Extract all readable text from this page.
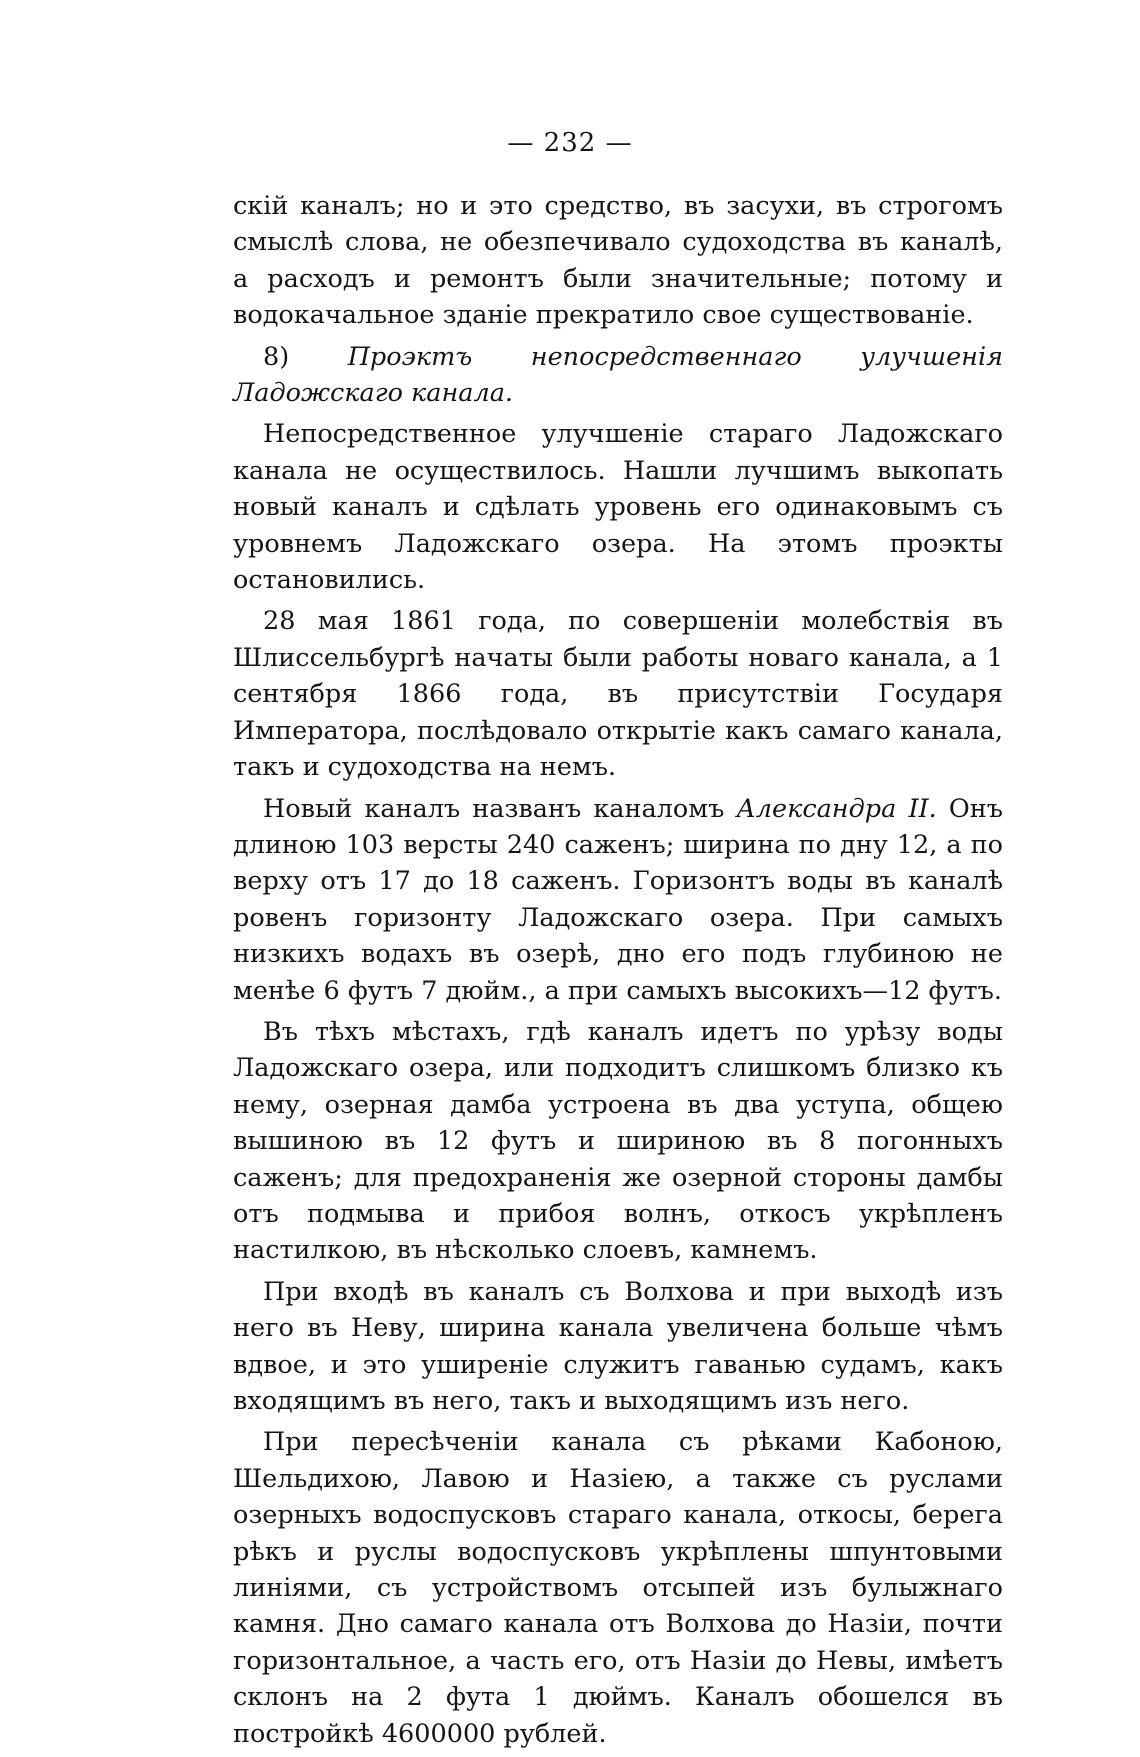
— 232 —

скій каналъ; но и это средство, въ засухи, въ строгомъ смыслѣ слова, не обезпечивало судоходства въ каналѣ, а расходъ и ремонтъ были значительные; потому и водокачальное зданіе прекратило свое существованіе.

8) Проэктъ непосредственнаго улучшенія Ладожскаго канала.

Непосредственное улучшеніе стараго Ладожскаго канала не осуществилось. Нашли лучшимъ выкопать новый каналъ и сдѣлать уровень его одинаковымъ съ уровнемъ Ладожскаго озера. На этомъ проэкты остановились.

28 мая 1861 года, по совершеніи молебствія въ Шлиссельбургѣ начаты были работы новаго канала, а 1 сентября 1866 года, въ присутствіи Государя Императора, послѣдовало открытіе какъ самаго канала, такъ и судоходства на немъ.

Новый каналъ названъ каналомъ Александра II. Онъ длиною 103 версты 240 саженъ; ширина по дну 12, а по верху отъ 17 до 18 саженъ. Горизонтъ воды въ каналѣ ровенъ горизонту Ладожскаго озера. При самыхъ низкихъ водахъ въ озерѣ, дно его подъ глубиною не менѣе 6 футъ 7 дюйм., а при самыхъ высокихъ—12 футъ.

Въ тѣхъ мѣстахъ, гдѣ каналъ идетъ по урѣзу воды Ладожскаго озера, или подходитъ слишкомъ близко къ нему, озерная дамба устроена въ два уступа, общею вышиною въ 12 футъ и шириною въ 8 погонныхъ саженъ; для предохраненія же озерной стороны дамбы отъ подмыва и прибоя волнъ, откосъ укрѣпленъ настилкою, въ нѣсколько слоевъ, камнемъ.

При входѣ въ каналъ съ Волхова и при выходѣ изъ него въ Неву, ширина канала увеличена больше чѣмъ вдвое, и это уширеніе служитъ гаванью судамъ, какъ входящимъ въ него, такъ и выходящимъ изъ него.

При пересѣченіи канала съ рѣками Кабоною, Шельдихою, Лавою и Назіею, а также съ руслами озерныхъ водоспусковъ стараго канала, откосы, берега рѣкъ и руслы водоспусковъ укрѣплены шпунтовыми линіями, съ устройствомъ отсыпей изъ булыжнаго камня. Дно самаго канала отъ Волхова до Назіи, почти горизонтальное, а часть его, отъ Назіи до Невы, имѣетъ склонъ на 2 фута 1 дюймъ. Каналъ обошелся въ постройкѣ 4600000 рублей.
